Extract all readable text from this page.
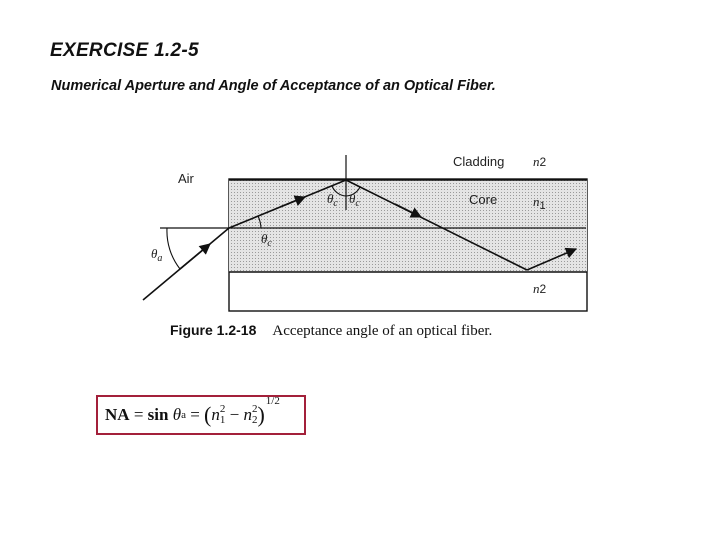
EXERCISE 1.2-5
Numerical Aperture and Angle of Acceptance of an Optical Fiber.
Air
Cladding
Core
n2
$n_1$
n2
$\theta_a$
$\theta_c$
$\theta_c$ $\theta_c$
Figure 1.2-18 Acceptance angle of an optical fiber.
NA
=
sin
θ a
=
( n 2
1
−
n 2
2 )
1/2
